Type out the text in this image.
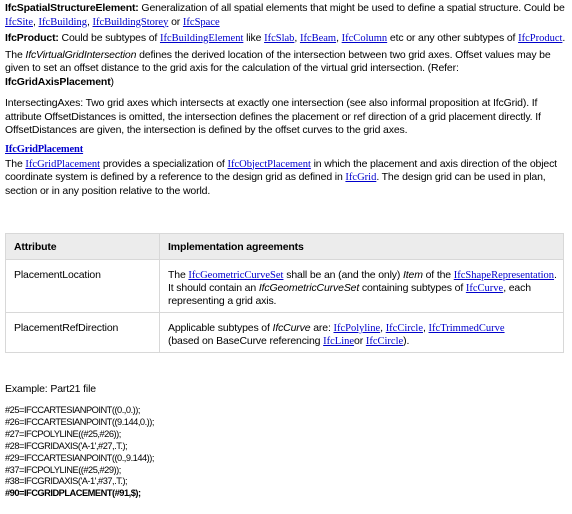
IfcSpatialStructureElement: Generalization of all spatial elements that might be used to define a spatial structure. Could be IfcSite, IfcBuilding, IfcBuildingStorey or IfcSpace

IfcProduct: Could be subtypes of IfcBuildingElement like IfcSlab, IfcBeam, IfcColumn etc or any other subtypes of IfcProduct.

The IfcVirtualGridIntersection defines the derived location of the intersection between two grid axes. Offset values may be given to set an offset distance to the grid axis for the calculation of the virtual grid intersection. (Refer: IfcGridAxisPlacement)

IntersectingAxes: Two grid axes which intersects at exactly one intersection (see also informal proposition at IfcGrid). If attribute OffsetDistances is omitted, the intersection defines the placement or ref direction of a grid placement directly. If OffsetDistances are given, the intersection is defined by the offset curves to the grid axes.

IfcGridPlacement

The IfcGridPlacement provides a specialization of IfcObjectPlacement in which the placement and axis direction of the object coordinate system is defined by a reference to the design grid as defined in IfcGrid. The design grid can be used in plan, section or in any position relative to the world.

Attribute	Implementation agreements
PlacementLocation	The IfcGeometricCurveSet shall be an (and the only) Item of the IfcShapeRepresentation. It should contain an IfcGeometricCurveSet containing subtypes of IfcCurve, each representing a grid axis.
PlacementRefDirection	Applicable subtypes of IfcCurve are: IfcPolyline, IfcCircle, IfcTrimmedCurve
(based on BaseCurve referencing IfcLineor IfcCircle).
Example: Part21 file
#25=IFCCARTESIANPOINT((0.,0.));
#26=IFCCARTESIANPOINT((9.144,0.));
#27=IFCPOLYLINE((#25,#26));
#28=IFCGRIDAXIS('A-1',#27,.T.);
#29=IFCCARTESIANPOINT((0.,9.144));
#37=IFCPOLYLINE((#25,#29));
#38=IFCGRIDAXIS('A-1',#37,.T.);
#90=IFCGRIDPLACEMENT(#91,$);
